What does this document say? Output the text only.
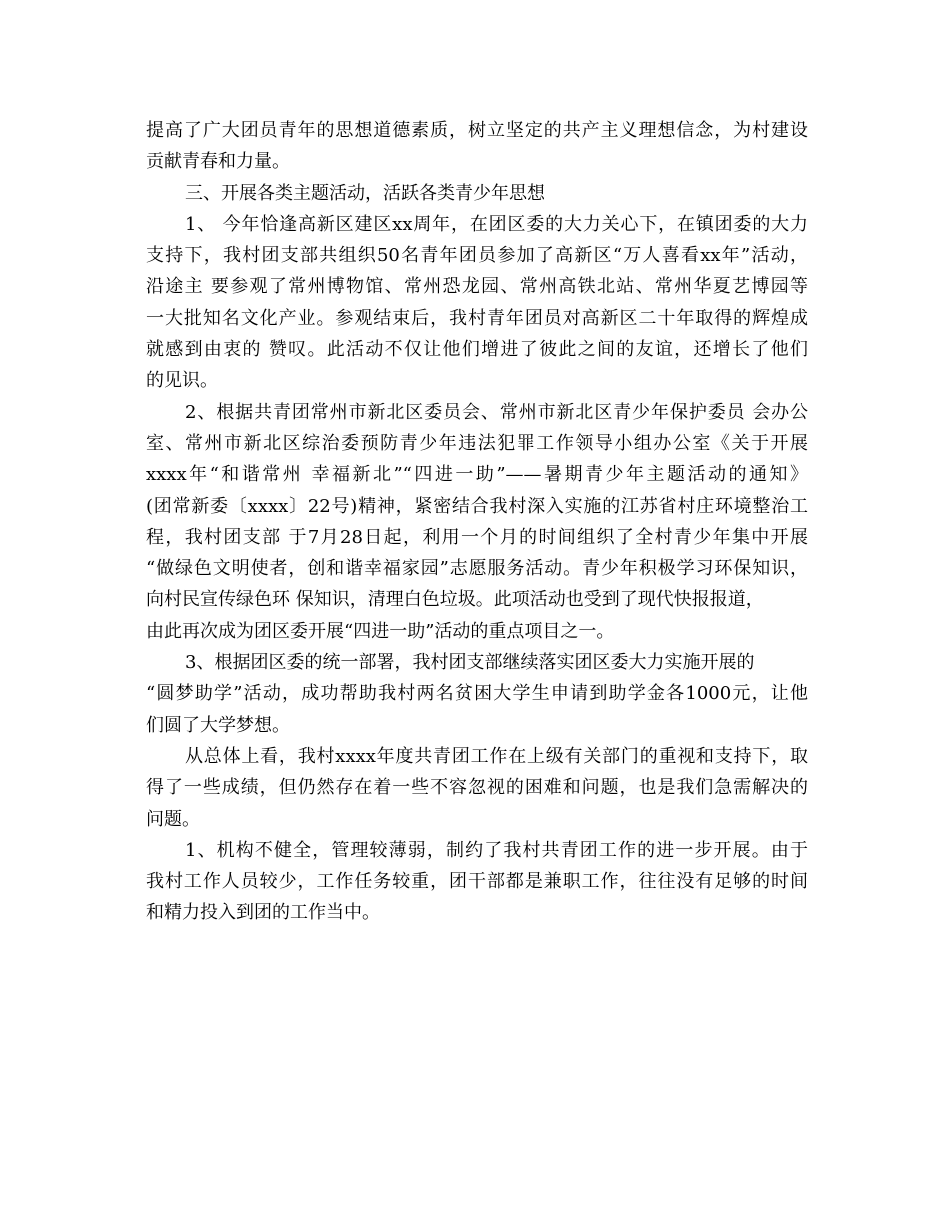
提高了广大团员青年的思想道德素质，树立坚定的共产主义理想信念，为村建设
贡献青春和力量。
三、开展各类主题活动，活跃各类青少年思想
1、 今年恰逢高新区建区xx周年，在团区委的大力关心下，在镇团委的大力
支持下，我村团支部共组织50名青年团员参加了高新区“万人喜看xx年”活动，
沿途主 要参观了常州博物馆、常州恐龙园、常州高铁北站、常州华夏艺博园等
一大批知名文化产业。参观结束后，我村青年团员对高新区二十年取得的辉煌成
就感到由衷的 赞叹。此活动不仅让他们增进了彼此之间的友谊，还增长了他们
的见识。
2、根据共青团常州市新北区委员会、常州市新北区青少年保护委员 会办公
室、常州市新北区综治委预防青少年违法犯罪工作领导小组办公室《关于开展
xxxx年“和谐常州 幸福新北”“四进一助”——暑期青少年主题活动的通知》
(团常新委〔xxxx〕22号)精神，紧密结合我村深入实施的江苏省村庄环境整治工
程，我村团支部 于7月28日起，利用一个月的时间组织了全村青少年集中开展
“做绿色文明使者，创和谐幸福家园”志愿服务活动。青少年积极学习环保知识，
向村民宣传绿色环 保知识，清理白色垃圾。此项活动也受到了现代快报报道，
由此再次成为团区委开展“四进一助”活动的重点项目之一。
3、根据团区委的统一部署，我村团支部继续落实团区委大力实施开展的
“圆梦助学”活动，成功帮助我村两名贫困大学生申请到助学金各1000元，让他
们圆了大学梦想。
从总体上看，我村xxxx年度共青团工作在上级有关部门的重视和支持下，取
得了一些成绩，但仍然存在着一些不容忽视的困难和问题，也是我们急需解决的
问题。
1、机构不健全，管理较薄弱，制约了我村共青团工作的进一步开展。由于
我村工作人员较少，工作任务较重，团干部都是兼职工作，往往没有足够的时间
和精力投入到团的工作当中。
